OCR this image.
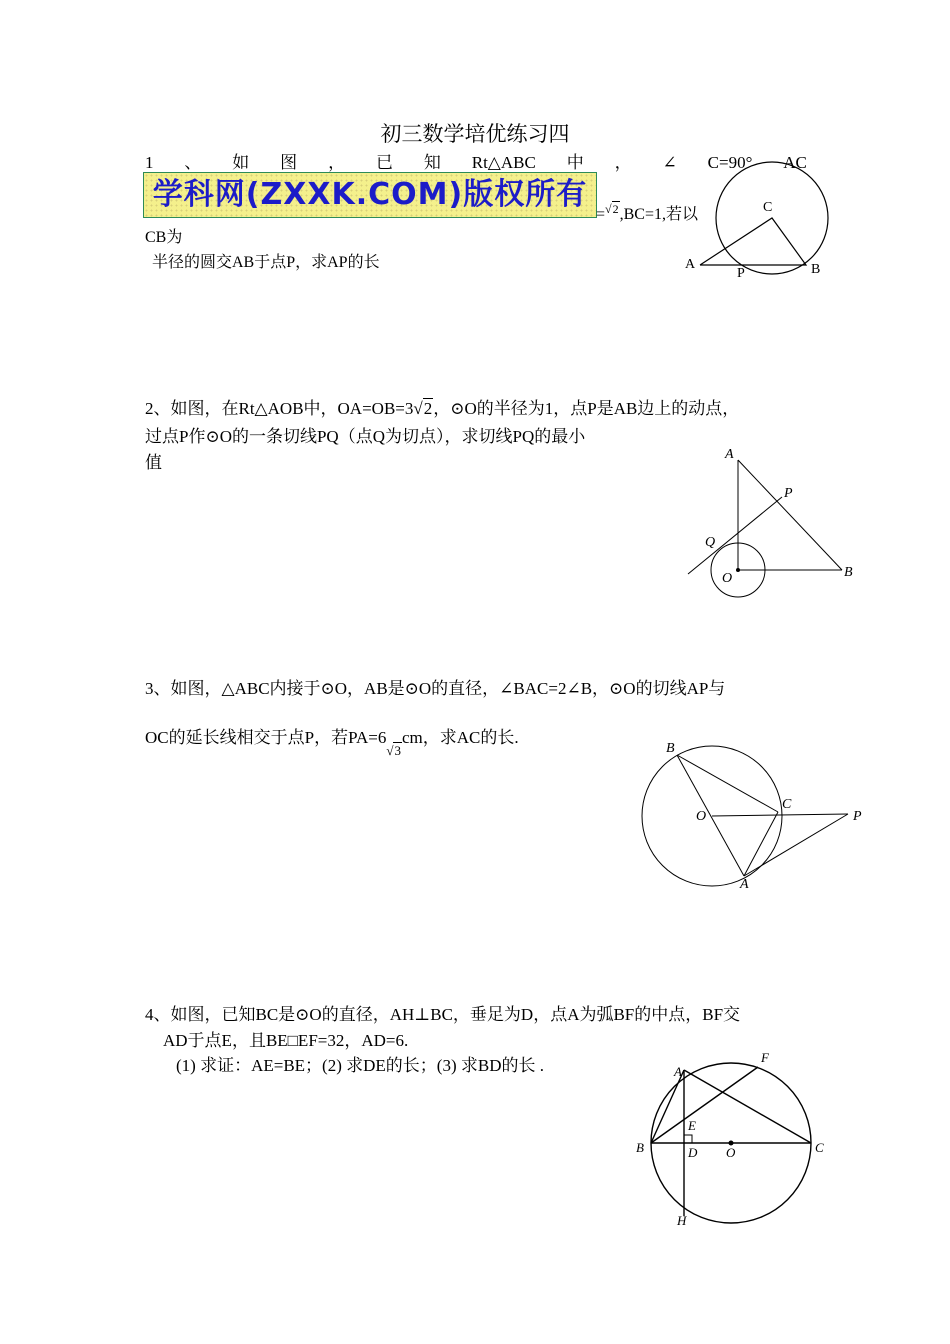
初三数学培优练习四
1 、 如 图 ， 已 知 Rt△ABC 中 ， ∠ C=90° AC
学科网(ZXXK.COM)版权所有
=√2,BC=1,若以
CB为
半径的圆交AB于点P，求AP的长
C
A
P	B
2、如图，在Rt△AOB中，OA=OB=3√2，⊙O的半径为1，点P是AB边上的动点，
过点P作⊙O的一条切线PQ（点Q为切点），求切线PQ的最小
值	A
P
Q
O	B
3、如图，△ABC内接于⊙O，AB是⊙O的直径，∠BAC=2∠B，⊙O的切线AP与
OC的延长线相交于点P，若PA=6√3cm，求AC的长.
B
O
C
P
A
4、如图，已知BC是⊙O的直径，AH⊥BC，垂足为D，点A为弧BF的中点，BF交
AD于点E，且BE□EF=32，AD=6.
(1) 求证：AE=BE；(2) 求DE的长；(3) 求BD的长 .	A
F
E
B	D O	C
H
